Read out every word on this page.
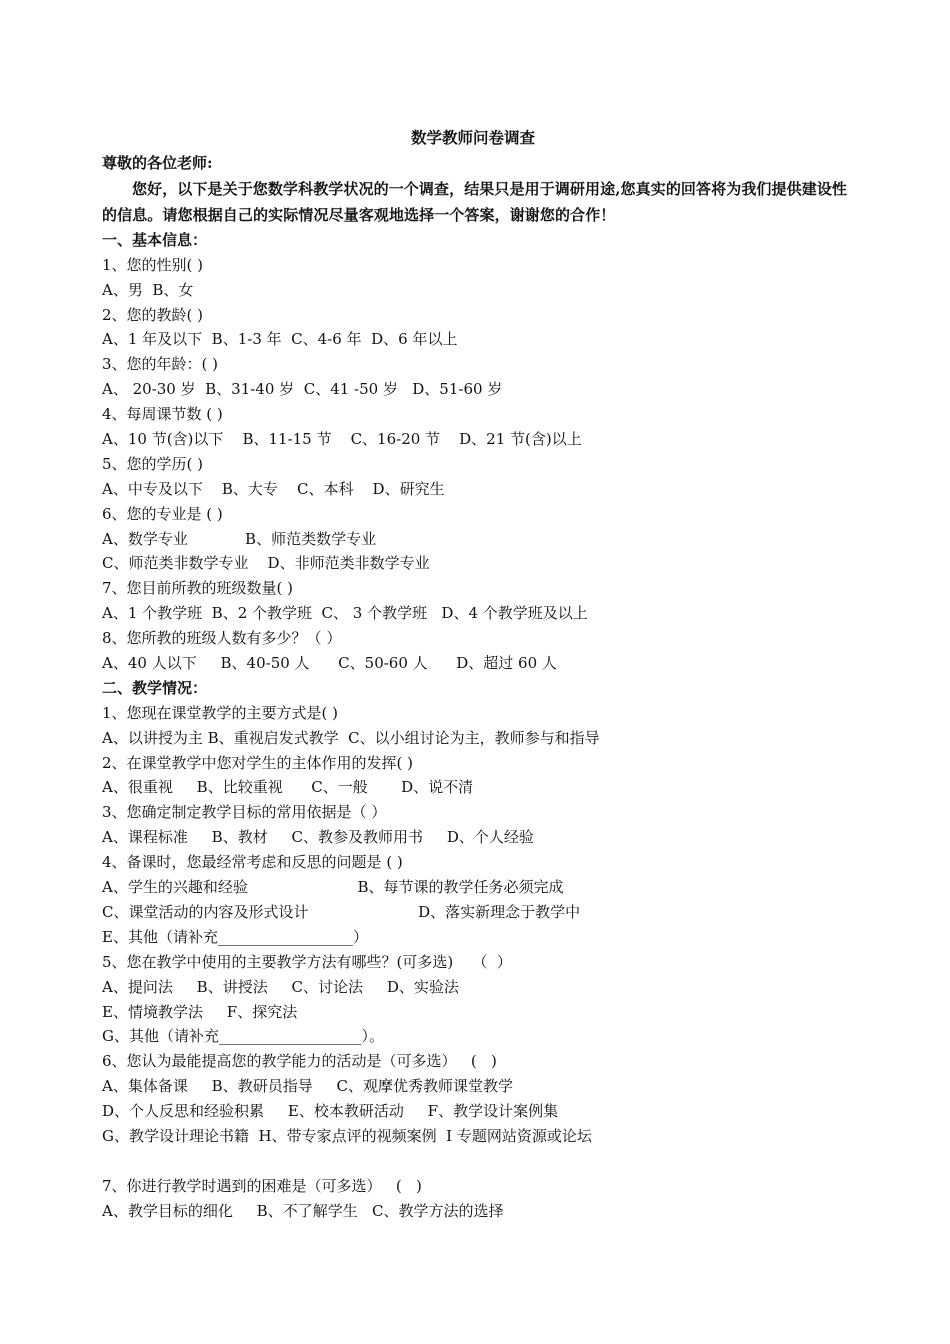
数学教师问卷调查
尊敬的各位老师:
您好，以下是关于您数学科教学状况的一个调查，结果只是用于调研用途,您真实的回答将为我们提供建设性的信息。请您根据自己的实际情况尽量客观地选择一个答案，谢谢您的合作！
一、基本信息：
1、您的性别( )
A、男  B、女
2、您的教龄( )
A、1 年及以下  B、1-3 年  C、4-6 年  D、6 年以上
3、您的年龄：( )
A、 20-30 岁  B、31-40 岁  C、41 -50 岁   D、51-60 岁
4、每周课节数 ( )
A、10 节(含)以下    B、11-15 节    C、16-20 节    D、21 节(含)以上
5、您的学历( )
A、中专及以下    B、大专    C、本科    D、研究生
6、您的专业是 ( )
A、数学专业            B、师范类数学专业
C、师范类非数学专业    D、非师范类非数学专业
7、您目前所教的班级数量( )
A、1 个教学班  B、2 个教学班  C、 3 个教学班   D、4 个教学班及以上
8、您所教的班级人数有多少？（ ）
A、40 人以下     B、40-50 人      C、50-60 人      D、超过 60 人
二、教学情况：
1、您现在课堂教学的主要方式是( )
A、以讲授为主 B、重视启发式教学  C、以小组讨论为主，教师参与和指导
2、在课堂教学中您对学生的主体作用的发挥( )
A、很重视     B、比较重视      C、一般       D、说不清
3、您确定制定教学目标的常用依据是（ ）
A、课程标准     B、教材     C、教参及教师用书     D、个人经验
4、备课时，您最经常考虑和反思的问题是 ( )
A、学生的兴趣和经验                       B、每节课的教学任务必须完成
C、课堂活动的内容及形式设计                       D、落实新理念于教学中
E、其他（请补充__________________）
5、您在教学中使用的主要教学方法有哪些？(可多选)    （  ）
A、提问法     B、讲授法     C、讨论法     D、实验法
E、情境教学法     F、探究法
G、其他（请补充___________________）。
6、您认为最能提高您的教学能力的活动是（可多选）   (   )
A、集体备课     B、教研员指导     C、观摩优秀教师课堂教学
D、个人反思和经验积累     E、校本教研活动     F、教学设计案例集
G、教学设计理论书籍  H、带专家点评的视频案例  I 专题网站资源或论坛
7、你进行教学时遇到的困难是（可多选）   (   )
A、教学目标的细化     B、不了解学生   C、教学方法的选择
